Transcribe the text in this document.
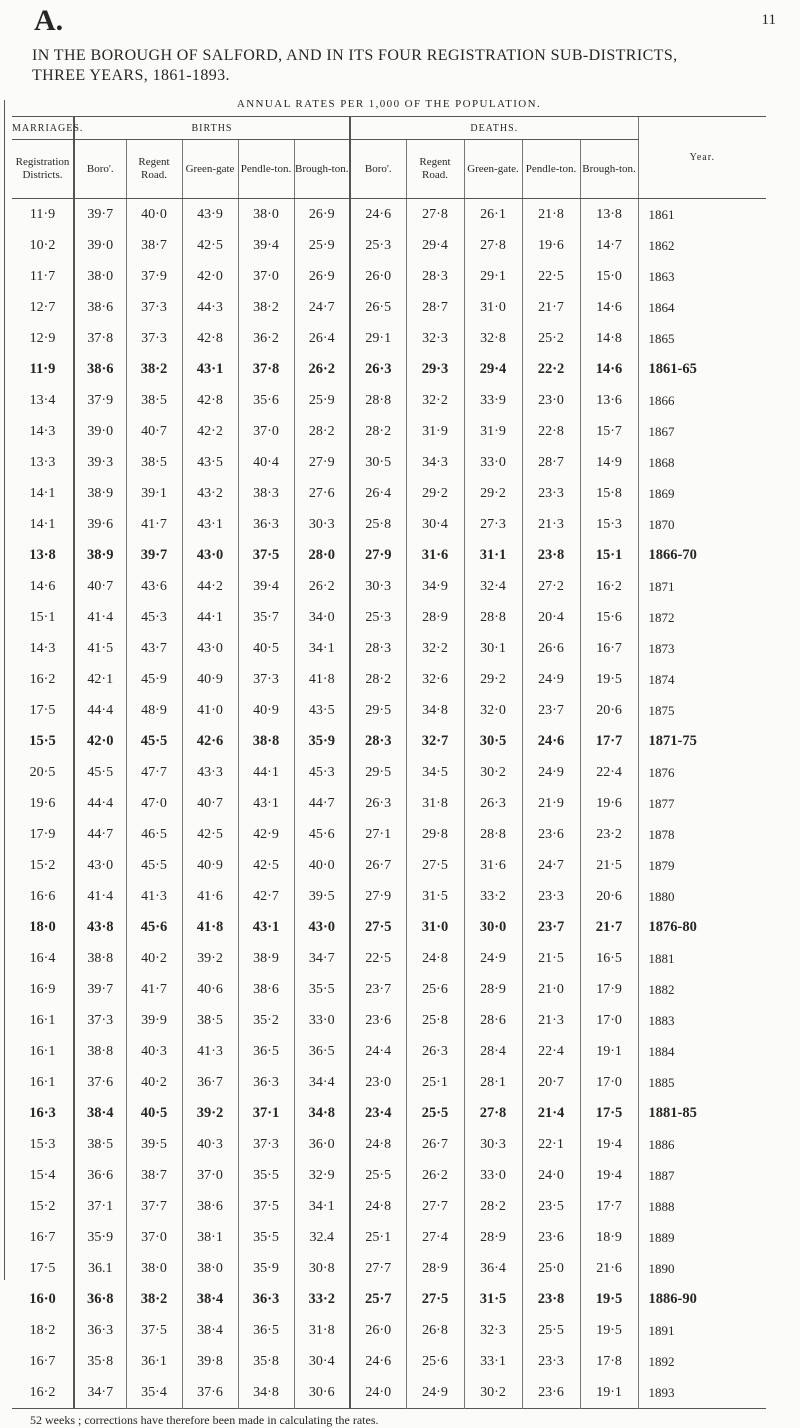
A.	11
IN THE BOROUGH OF SALFORD, AND IN ITS FOUR REGISTRATION SUB-DISTRICTS,
THREE YEARS, 1861-1893.
ANNUAL RATES PER 1,000 OF THE POPULATION.
MARRIAGES.	BIRTHS					DEATHS.					Year.
Registration Districts.	Boro'.	Regent Road.	Green-gate	Pendle-ton.	Brough-ton.	Boro'.	Regent Road.	Green-gate.	Pendle-ton.	Brough-ton.	
11·9	39·7	40·0	43·9	38·0	26·9	24·6	27·8	26·1	21·8	13·8	1861
10·2	39·0	38·7	42·5	39·4	25·9	25·3	29·4	27·8	19·6	14·7	1862
11·7	38·0	37·9	42·0	37·0	26·9	26·0	28·3	29·1	22·5	15·0	1863
12·7	38·6	37·3	44·3	38·2	24·7	26·5	28·7	31·0	21·7	14·6	1864
12·9	37·8	37·3	42·8	36·2	26·4	29·1	32·3	32·8	25·2	14·8	1865
11·9	38·6	38·2	43·1	37·8	26·2	26·3	29·3	29·4	22·2	14·6	1861-65
13·4	37·9	38·5	42·8	35·6	25·9	28·8	32·2	33·9	23·0	13·6	1866
14·3	39·0	40·7	42·2	37·0	28·2	28·2	31·9	31·9	22·8	15·7	1867
13·3	39·3	38·5	43·5	40·4	27·9	30·5	34·3	33·0	28·7	14·9	1868
14·1	38·9	39·1	43·2	38·3	27·6	26·4	29·2	29·2	23·3	15·8	1869
14·1	39·6	41·7	43·1	36·3	30·3	25·8	30·4	27·3	21·3	15·3	1870
13·8	38·9	39·7	43·0	37·5	28·0	27·9	31·6	31·1	23·8	15·1	1866-70
14·6	40·7	43·6	44·2	39·4	26·2	30·3	34·9	32·4	27·2	16·2	1871
15·1	41·4	45·3	44·1	35·7	34·0	25·3	28·9	28·8	20·4	15·6	1872
14·3	41·5	43·7	43·0	40·5	34·1	28·3	32·2	30·1	26·6	16·7	1873
16·2	42·1	45·9	40·9	37·3	41·8	28·2	32·6	29·2	24·9	19·5	1874
17·5	44·4	48·9	41·0	40·9	43·5	29·5	34·8	32·0	23·7	20·6	1875
15·5	42·0	45·5	42·6	38·8	35·9	28·3	32·7	30·5	24·6	17·7	1871-75
20·5	45·5	47·7	43·3	44·1	45·3	29·5	34·5	30·2	24·9	22·4	1876
19·6	44·4	47·0	40·7	43·1	44·7	26·3	31·8	26·3	21·9	19·6	1877
17·9	44·7	46·5	42·5	42·9	45·6	27·1	29·8	28·8	23·6	23·2	1878
15·2	43·0	45·5	40·9	42·5	40·0	26·7	27·5	31·6	24·7	21·5	1879
16·6	41·4	41·3	41·6	42·7	39·5	27·9	31·5	33·2	23·3	20·6	1880
18·0	43·8	45·6	41·8	43·1	43·0	27·5	31·0	30·0	23·7	21·7	1876-80
16·4	38·8	40·2	39·2	38·9	34·7	22·5	24·8	24·9	21·5	16·5	1881
16·9	39·7	41·7	40·6	38·6	35·5	23·7	25·6	28·9	21·0	17·9	1882
16·1	37·3	39·9	38·5	35·2	33·0	23·6	25·8	28·6	21·3	17·0	1883
16·1	38·8	40·3	41·3	36·5	36·5	24·4	26·3	28·4	22·4	19·1	1884
16·1	37·6	40·2	36·7	36·3	34·4	23·0	25·1	28·1	20·7	17·0	1885
16·3	38·4	40·5	39·2	37·1	34·8	23·4	25·5	27·8	21·4	17·5	1881-85
15·3	38·5	39·5	40·3	37·3	36·0	24·8	26·7	30·3	22·1	19·4	1886
15·4	36·6	38·7	37·0	35·5	32·9	25·5	26·2	33·0	24·0	19·4	1887
15·2	37·1	37·7	38·6	37·5	34·1	24·8	27·7	28·2	23·5	17·7	1888
16·7	35·9	37·0	38·1	35·5	32.4	25·1	27·4	28·9	23·6	18·9	1889
17·5	36.1	38·0	38·0	35·9	30·8	27·7	28·9	36·4	25·0	21·6	1890
16·0	36·8	38·2	38·4	36·3	33·2	25·7	27·5	31·5	23·8	19·5	1886-90
18·2	36·3	37·5	38·4	36·5	31·8	26·0	26·8	32·3	25·5	19·5	1891
16·7	35·8	36·1	39·8	35·8	30·4	24·6	25·6	33·1	23·3	17·8	1892
16·2	34·7	35·4	37·6	34·8	30·6	24·0	24·9	30·2	23·6	19·1	1893
52 weeks ; corrections have therefore been made in calculating the rates.
